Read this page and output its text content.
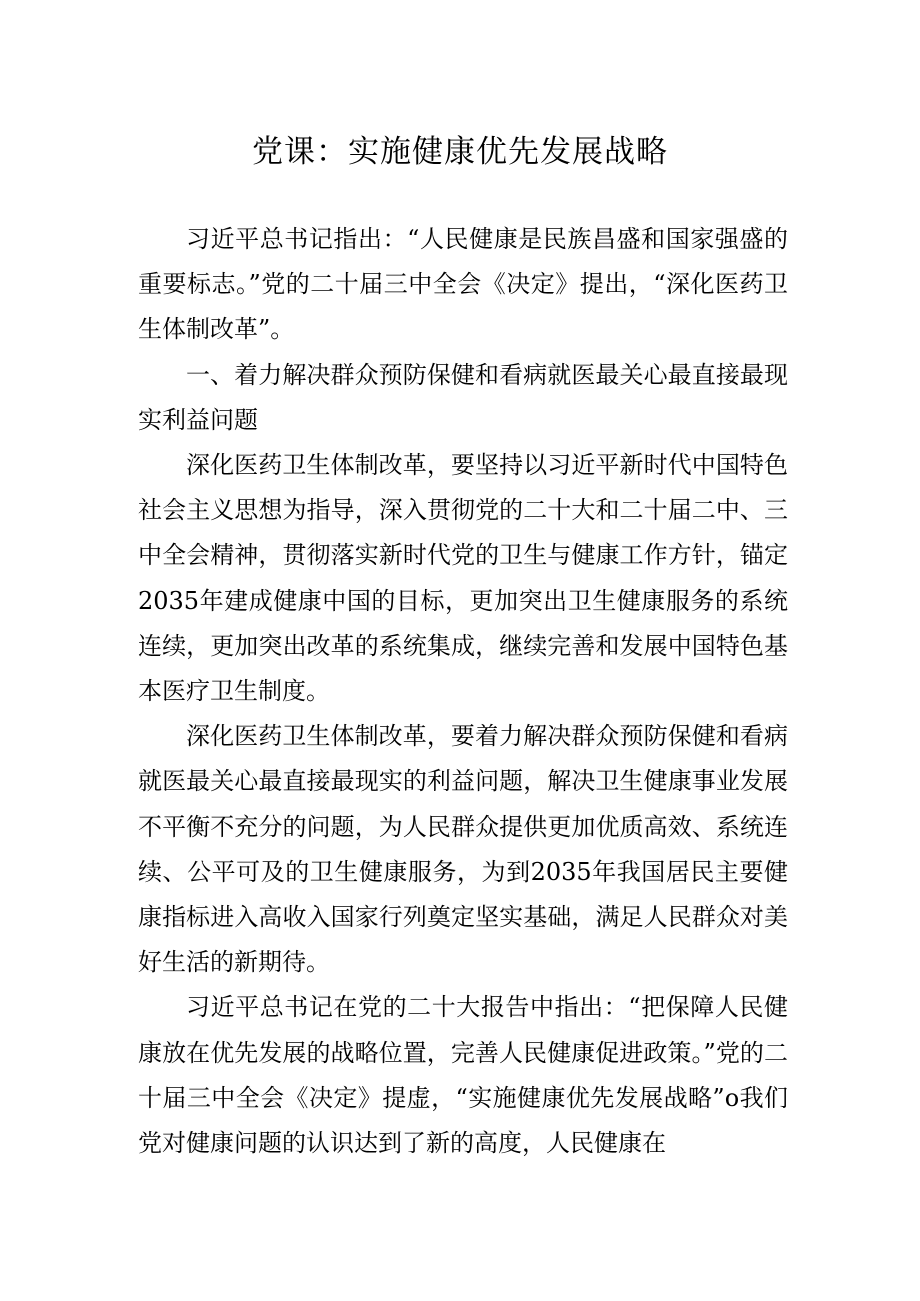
党课：实施健康优先发展战略

习近平总书记指出：“人民健康是民族昌盛和国家强盛的重要标志。”党的二十届三中全会《决定》提出，“深化医药卫生体制改革”。

一、着力解决群众预防保健和看病就医最关心最直接最现实利益问题

深化医药卫生体制改革，要坚持以习近平新时代中国特色社会主义思想为指导，深入贯彻党的二十大和二十届二中、三中全会精神，贯彻落实新时代党的卫生与健康工作方针，锚定2035年建成健康中国的目标，更加突出卫生健康服务的系统连续，更加突出改革的系统集成，继续完善和发展中国特色基本医疗卫生制度。

深化医药卫生体制改革，要着力解决群众预防保健和看病就医最关心最直接最现实的利益问题，解决卫生健康事业发展不平衡不充分的问题，为人民群众提供更加优质高效、系统连续、公平可及的卫生健康服务，为到2035年我国居民主要健康指标进入高收入国家行列奠定坚实基础，满足人民群众对美好生活的新期待。

习近平总书记在党的二十大报告中指出：“把保障人民健康放在优先发展的战略位置，完善人民健康促进政策。”党的二十届三中全会《决定》提虚，“实施健康优先发展战略”o我们党对健康问题的认识达到了新的高度，人民健康在
